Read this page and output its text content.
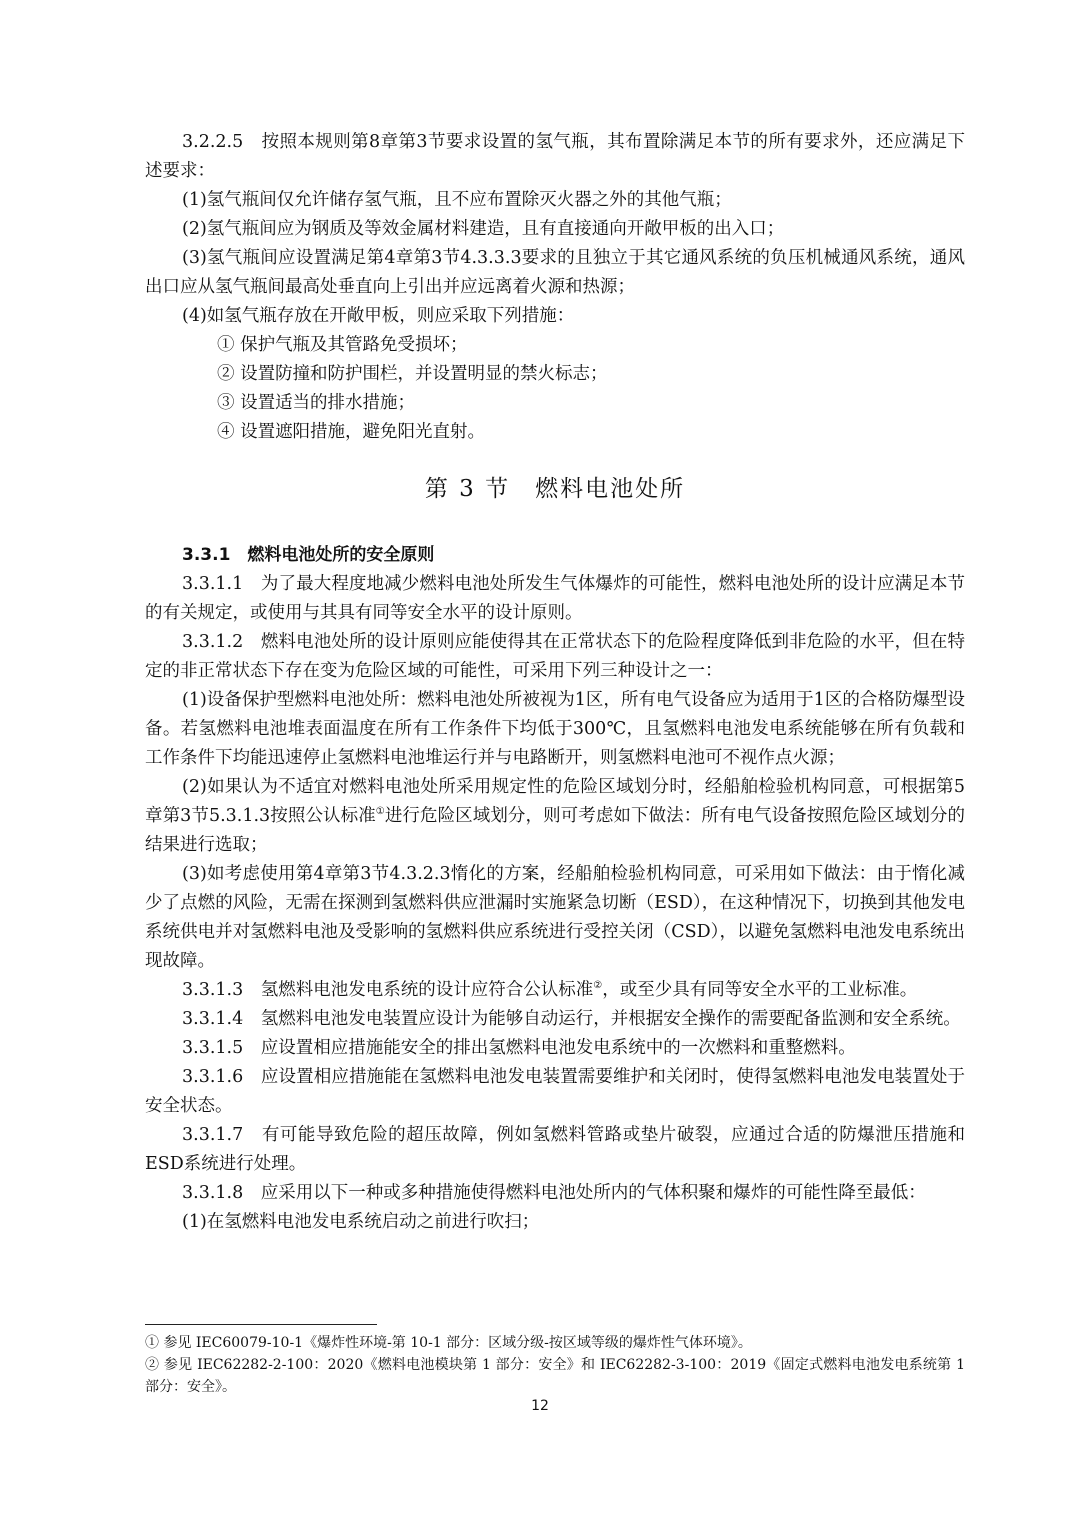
3.2.2.5　按照本规则第8章第3节要求设置的氢气瓶，其布置除满足本节的所有要求外，还应满足下述要求：

(1)氢气瓶间仅允许储存氢气瓶，且不应布置除灭火器之外的其他气瓶；

(2)氢气瓶间应为钢质及等效金属材料建造，且有直接通向开敞甲板的出入口；

(3)氢气瓶间应设置满足第4章第3节4.3.3.3要求的且独立于其它通风系统的负压机械通风系统，通风出口应从氢气瓶间最高处垂直向上引出并应远离着火源和热源；

(4)如氢气瓶存放在开敞甲板，则应采取下列措施：

① 保护气瓶及其管路免受损坏；

② 设置防撞和防护围栏，并设置明显的禁火标志；

③ 设置适当的排水措施；

④ 设置遮阳措施，避免阳光直射。

第 3 节　燃料电池处所

3.3.1　燃料电池处所的安全原则

3.3.1.1　为了最大程度地减少燃料电池处所发生气体爆炸的可能性，燃料电池处所的设计应满足本节的有关规定，或使用与其具有同等安全水平的设计原则。

3.3.1.2　燃料电池处所的设计原则应能使得其在正常状态下的危险程度降低到非危险的水平，但在特定的非正常状态下存在变为危险区域的可能性，可采用下列三种设计之一：

(1)设备保护型燃料电池处所：燃料电池处所被视为1区，所有电气设备应为适用于1区的合格防爆型设备。若氢燃料电池堆表面温度在所有工作条件下均低于300℃，且氢燃料电池发电系统能够在所有负载和工作条件下均能迅速停止氢燃料电池堆运行并与电路断开，则氢燃料电池可不视作点火源；

(2)如果认为不适宜对燃料电池处所采用规定性的危险区域划分时，经船舶检验机构同意，可根据第5章第3节5.3.1.3按照公认标准①进行危险区域划分，则可考虑如下做法：所有电气设备按照危险区域划分的结果进行选取；

(3)如考虑使用第4章第3节4.3.2.3惰化的方案，经船舶检验机构同意，可采用如下做法：由于惰化减少了点燃的风险，无需在探测到氢燃料供应泄漏时实施紧急切断（ESD），在这种情况下，切换到其他发电系统供电并对氢燃料电池及受影响的氢燃料供应系统进行受控关闭（CSD），以避免氢燃料电池发电系统出现故障。

3.3.1.3　氢燃料电池发电系统的设计应符合公认标准②，或至少具有同等安全水平的工业标准。

3.3.1.4　氢燃料电池发电装置应设计为能够自动运行，并根据安全操作的需要配备监测和安全系统。

3.3.1.5　应设置相应措施能安全的排出氢燃料电池发电系统中的一次燃料和重整燃料。

3.3.1.6　应设置相应措施能在氢燃料电池发电装置需要维护和关闭时，使得氢燃料电池发电装置处于安全状态。

3.3.1.7　有可能导致危险的超压故障，例如氢燃料管路或垫片破裂，应通过合适的防爆泄压措施和ESD系统进行处理。

3.3.1.8　应采用以下一种或多种措施使得燃料电池处所内的气体积聚和爆炸的可能性降至最低：

(1)在氢燃料电池发电系统启动之前进行吹扫；

① 参见 IEC60079-10-1《爆炸性环境-第 10-1 部分：区域分级-按区域等级的爆炸性气体环境》。

② 参见 IEC62282-2-100：2020《燃料电池模块第 1 部分：安全》和 IEC62282-3-100：2019《固定式燃料电池发电系统第 1 部分：安全》。

12
